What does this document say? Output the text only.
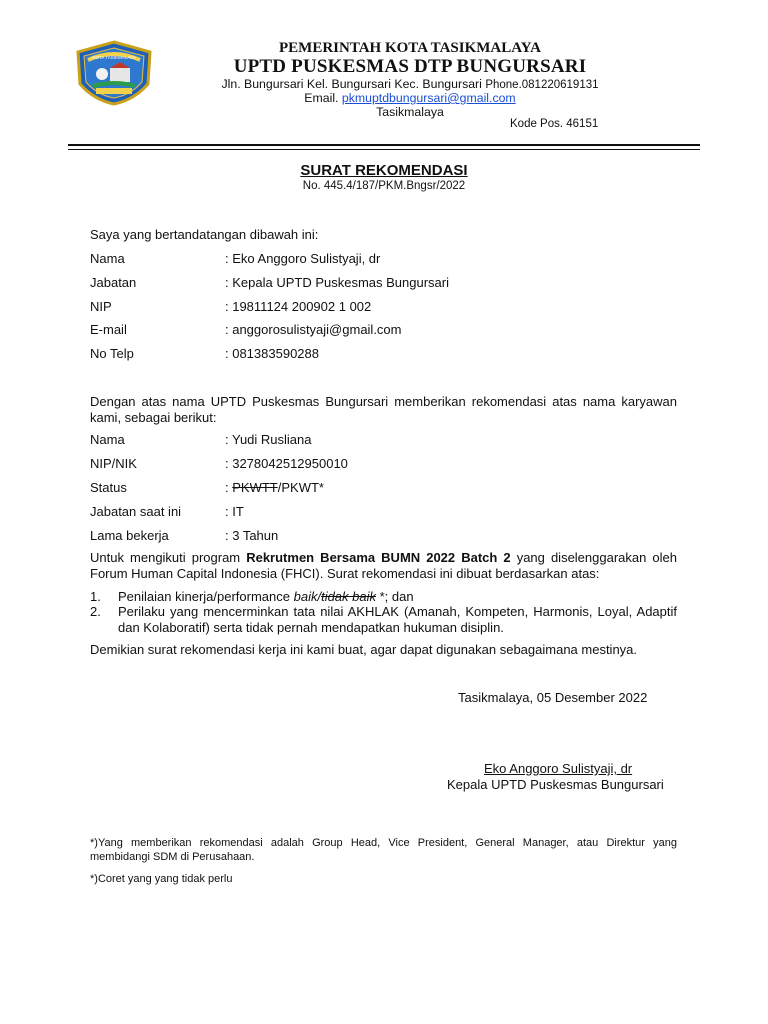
KOTA TASIKMALAYA
PEMERINTAH KOTA TASIKMALAYA
UPTD PUSKESMAS DTP BUNGURSARI
Jln. Bungursari Kel. Bungursari Kec. Bungursari Phone.081220619131
Email. pkmuptdbungursari@gmail.com
Tasikmalaya
Kode Pos. 46151
SURAT REKOMENDASI
No. 445.4/187/PKM.Bngsr/2022
Saya yang bertandatangan dibawah ini:
Nama	: Eko Anggoro Sulistyaji, dr
Jabatan	: Kepala UPTD Puskesmas Bungursari
NIP	: 19811124 200902 1 002
E-mail	: anggorosulistyaji@gmail.com
No Telp	: 081383590288
Dengan atas nama UPTD Puskesmas Bungursari memberikan rekomendasi atas nama karyawan kami, sebagai berikut:
Nama	: Yudi Rusliana
NIP/NIK	: 3278042512950010
Status	: PKWTT/PKWT*
Jabatan saat ini	: IT
Lama bekerja	: 3 Tahun
Untuk mengikuti program Rekrutmen Bersama BUMN 2022 Batch 2 yang diselenggarakan oleh Forum Human Capital Indonesia (FHCI). Surat rekomendasi ini dibuat berdasarkan atas:
1. Penilaian kinerja/performance baik/tidak baik *; dan
2. Perilaku yang mencerminkan tata nilai AKHLAK (Amanah, Kompeten, Harmonis, Loyal, Adaptif dan Kolaboratif) serta tidak pernah mendapatkan hukuman disiplin.
Demikian surat rekomendasi kerja ini kami buat, agar dapat digunakan sebagaimana mestinya.
Tasikmalaya, 05 Desember 2022
Eko Anggoro Sulistyaji, dr
Kepala UPTD Puskesmas Bungursari
*)Yang memberikan rekomendasi adalah Group Head, Vice President, General Manager, atau Direktur yang membidangi SDM di Perusahaan.
*)Coret yang yang tidak perlu
